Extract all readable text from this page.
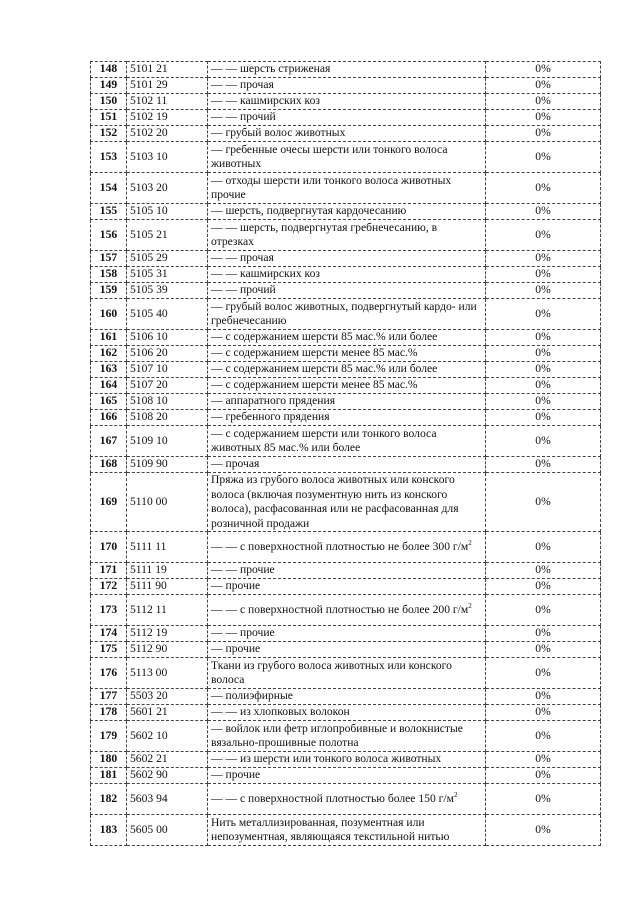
148	5101 21	— — шерсть стриженая	0%
149	5101 29	— — прочая	0%
150	5102 11	— — кашмирских коз	0%
151	5102 19	— — прочий	0%
152	5102 20	— грубый волос животных	0%
153	5103 10	— гребенные очесы шерсти или тонкого волоса животных	0%
154	5103 20	— отходы шерсти или тонкого волоса животных прочие	0%
155	5105 10	— шерсть, подвергнутая кардочесанию	0%
156	5105 21	— — шерсть, подвергнутая гребнечесанию, в отрезках	0%
157	5105 29	— — прочая	0%
158	5105 31	— — кашмирских коз	0%
159	5105 39	— — прочий	0%
160	5105 40	— грубый волос животных, подвергнутый кардо- или гребнечесанию	0%
161	5106 10	— с содержанием шерсти 85 мас.% или более	0%
162	5106 20	— с содержанием шерсти менее 85 мас.%	0%
163	5107 10	— с содержанием шерсти 85 мас.% или более	0%
164	5107 20	— с содержанием шерсти менее 85 мас.%	0%
165	5108 10	— аппаратного прядения	0%
166	5108 20	— гребенного прядения	0%
167	5109 10	— с содержанием шерсти или тонкого волоса животных 85 мас.% или более	0%
168	5109 90	— прочая	0%
169	5110 00	Пряжа из грубого волоса животных или конского волоса (включая позументную нить из конского волоса), расфасованная или не расфасованная для розничной продажи	0%
170	5111 11	— — с поверхностной плотностью не более 300 $г/м^2$	0%
171	5111 19	— — прочие	0%
172	5111 90	— прочие	0%
173	5112 11	— — с поверхностной плотностью не более 200 $г/м^2$	0%
174	5112 19	— — прочие	0%
175	5112 90	— прочие	0%
176	5113 00	Ткани из грубого волоса животных или конского волоса	0%
177	5503 20	— полиэфирные	0%
178	5601 21	— — из хлопковых волокон	0%
179	5602 10	— войлок или фетр иглопробивные и волокнистые вязально-прошивные полотна	0%
180	5602 21	— — из шерсти или тонкого волоса животных	0%
181	5602 90	— прочие	0%
182	5603 94	— — с поверхностной плотностью более 150 $г/м^2$	0%
183	5605 00	Нить металлизированная, позументная или непозументная, являющаяся текстильной нитью	0%
